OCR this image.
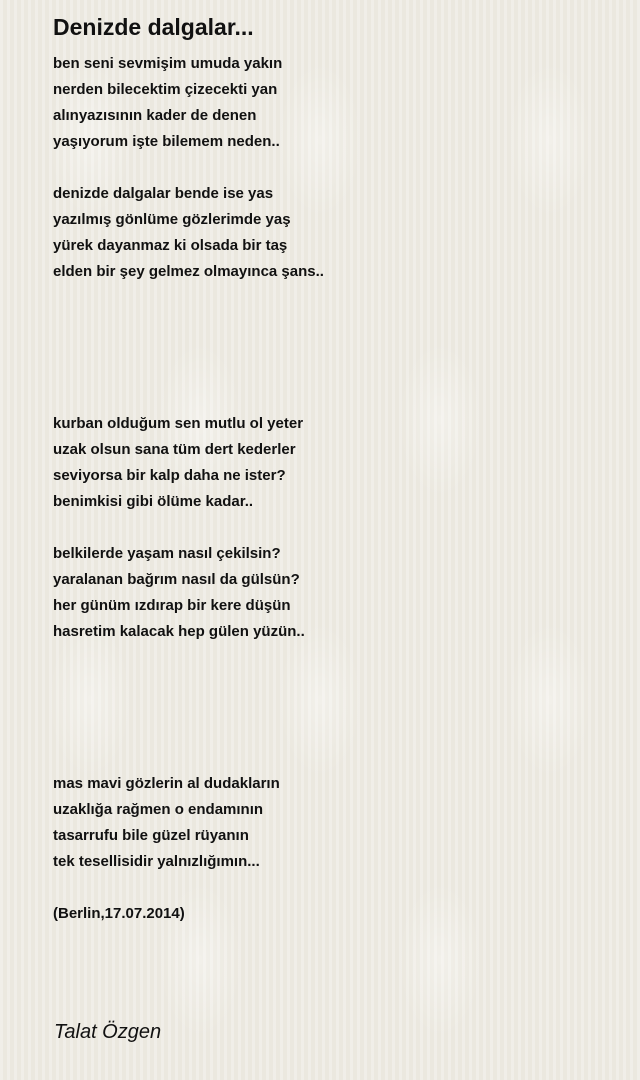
Denizde dalgalar...
ben seni sevmişim umuda yakın
nerden bilecektim çizecekti yan
alınyazısının kader de denen
yaşıyorum işte bilemem neden..
denizde dalgalar bende ise yas
yazılmış gönlüme gözlerimde yaş
yürek dayanmaz ki olsada bir taş
elden bir şey gelmez olmayınca şans..
kurban olduğum sen mutlu ol yeter
uzak olsun sana tüm dert kederler
seviyorsa bir kalp daha ne ister?
benimkisi gibi ölüme kadar..
belkilerde yaşam nasıl çekilsin?
yaralanan bağrım nasıl da gülsün?
her günüm ızdırap bir kere düşün
hasretim kalacak hep gülen yüzün..
mas mavi gözlerin al dudakların
uzaklığa rağmen o endamının
tasarrufu bile güzel rüyanın
tek tesellisidir yalnızlığımın...
(Berlin,17.07.2014)
Talat Özgen
